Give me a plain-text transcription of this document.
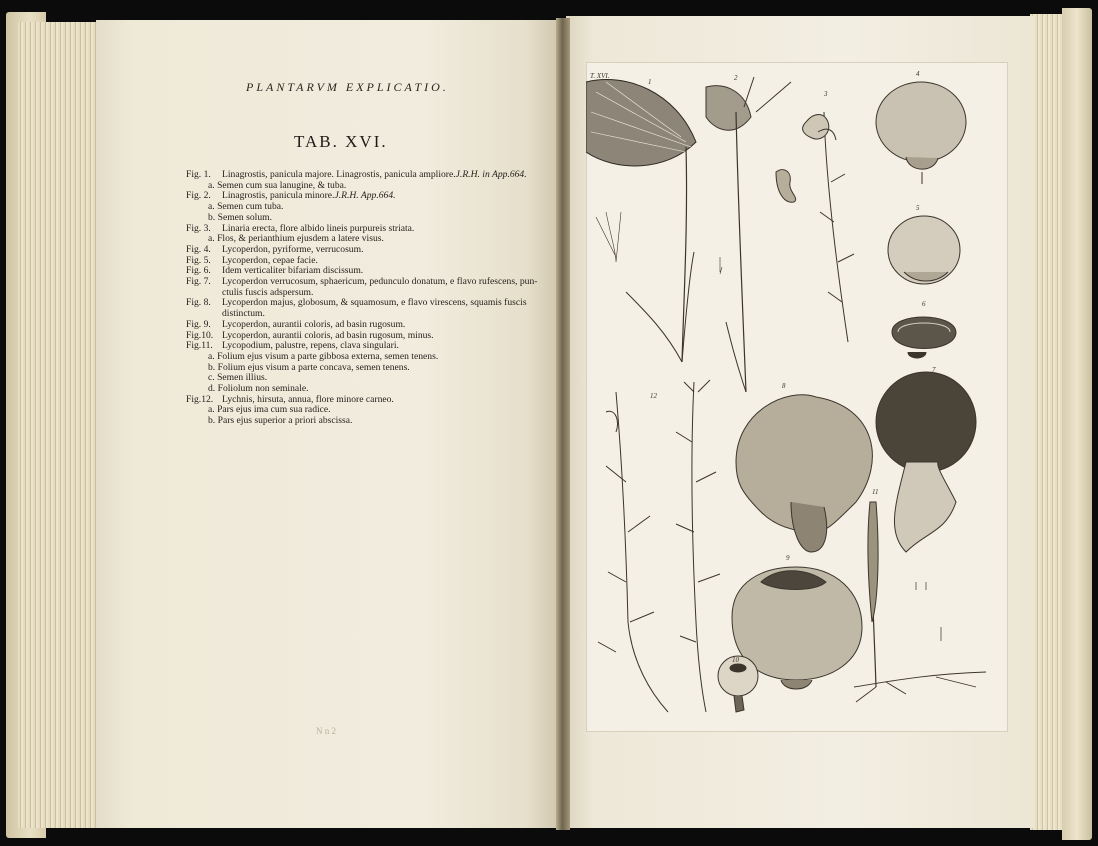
PLANTARVM EXPLICATIO.
TAB. XVI.
Fig. 1.	Linagrostis, panicula majore. Linagrostis, panicula ampliore. J.R.H. in App.664.
a. Semen cum sua lanugine, & tuba.
Fig. 2.	Linagrostis, panicula minore. J.R.H. App.664.
a. Semen cum tuba.
b. Semen solum.
Fig. 3.	Linaria erecta, flore albido lineis purpureis striata.
a. Flos, & perianthium ejusdem a latere visus.
Fig. 4.	Lycoperdon, pyriforme, verrucosum.
Fig. 5.	Lycoperdon, cepae facie.
Fig. 6.	Idem verticaliter bifariam discissum.
Fig. 7.	Lycoperdon verrucosum, sphaericum, pedunculo donatum, e flavo rufescens, pun-
ctulis fuscis adspersum.
Fig. 8.	Lycoperdon majus, globosum, & squamosum, e flavo virescens, squamis fuscis
distinctum.
Fig. 9.	Lycoperdon, aurantii coloris, ad basin rugosum.
Fig.10. Lycoperdon, aurantii coloris, ad basin rugosum, minus.
Fig.11. Lycopodium, palustre, repens, clava singulari.
a. Folium ejus visum a parte gibbosa externa, semen tenens.
b. Folium ejus visum a parte concava, semen tenens.
c. Semen illius.
d. Foliolum non seminale.
Fig.12. Lychnis, hirsuta, annua, flore minore carneo.
a. Pars ejus ima cum sua radice.
b. Pars ejus superior a priori abscissa.
N n 2
1	2
3
4
5
6
7
8
9
10
11
12
T. XVI.
